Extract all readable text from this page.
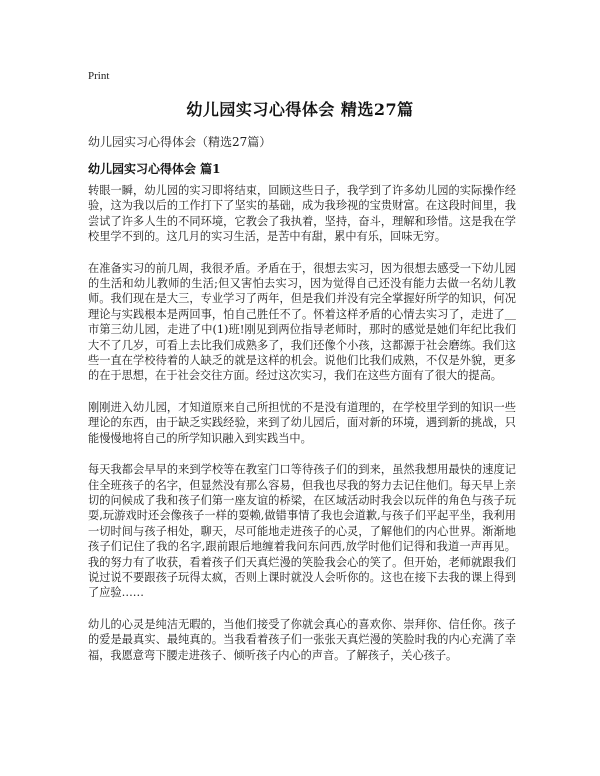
Print
幼儿园实习心得体会 精选27篇
幼儿园实习心得体会（精选27篇）
幼儿园实习心得体会 篇1

转眼一瞬，幼儿园的实习即将结束，回顾这些日子，我学到了许多幼儿园的实际操作经验，这为我以后的工作打下了坚实的基础，成为我珍视的宝贵财富。在这段时间里，我尝试了许多人生的不同环境，它教会了我执着，坚持，奋斗，理解和珍惜。这是我在学校里学不到的。这几月的实习生活，是苦中有甜，累中有乐，回味无穷。

在准备实习的前几周，我很矛盾。矛盾在于，很想去实习，因为很想去感受一下幼儿园的生活和幼儿教师的生活;但又害怕去实习，因为觉得自己还没有能力去做一名幼儿教师。我们现在是大三，专业学习了两年，但是我们并没有完全掌握好所学的知识，何况理论与实践根本是两回事，怕自己胜任不了。怀着这样矛盾的心情去实习了，走进了＿市第三幼儿园，走进了中(1)班!刚见到两位指导老师时，那时的感觉是她们年纪比我们大不了几岁，可看上去比我们成熟多了，我们还像个小孩，这都源于社会磨练。我们这些一直在学校待着的人缺乏的就是这样的机会。说他们比我们成熟，不仅是外貌，更多的在于思想，在于社会交往方面。经过这次实习，我们在这些方面有了很大的提高。

刚刚进入幼儿园，才知道原来自己所担忧的不是没有道理的，在学校里学到的知识一些理论的东西，由于缺乏实践经验，来到了幼儿园后，面对新的环境，遇到新的挑战，只能慢慢地将自己的所学知识融入到实践当中。

每天我都会早早的来到学校等在教室门口等待孩子们的到来，虽然我想用最快的速度记住全班孩子的名字，但显然没有那么容易，但我也尽我的努力去记住他们。每天早上亲切的问候成了我和孩子们第一座友谊的桥梁，在区域活动时我会以玩伴的角色与孩子玩耍,玩游戏时还会像孩子一样的耍赖,做错事情了我也会道歉,与孩子们平起平坐，我利用一切时间与孩子相处，聊天，尽可能地走进孩子的心灵，了解他们的内心世界。渐渐地孩子们记住了我的名字,跟前跟后地缠着我问东问西,放学时他们记得和我道一声再见。我的努力有了收获，看着孩子们天真烂漫的笑脸我会心的笑了。但开始，老师就跟我们说过说不要跟孩子玩得太疯，否则上课时就没人会听你的。这也在接下去我的课上得到了应验……

幼儿的心灵是纯洁无暇的，当他们接受了你就会真心的喜欢你、崇拜你、信任你。孩子的爱是最真实、最纯真的。当我看着孩子们一张张天真烂漫的笑脸时我的内心充满了幸福，我愿意弯下腰走进孩子、倾听孩子内心的声音。了解孩子，关心孩子。
